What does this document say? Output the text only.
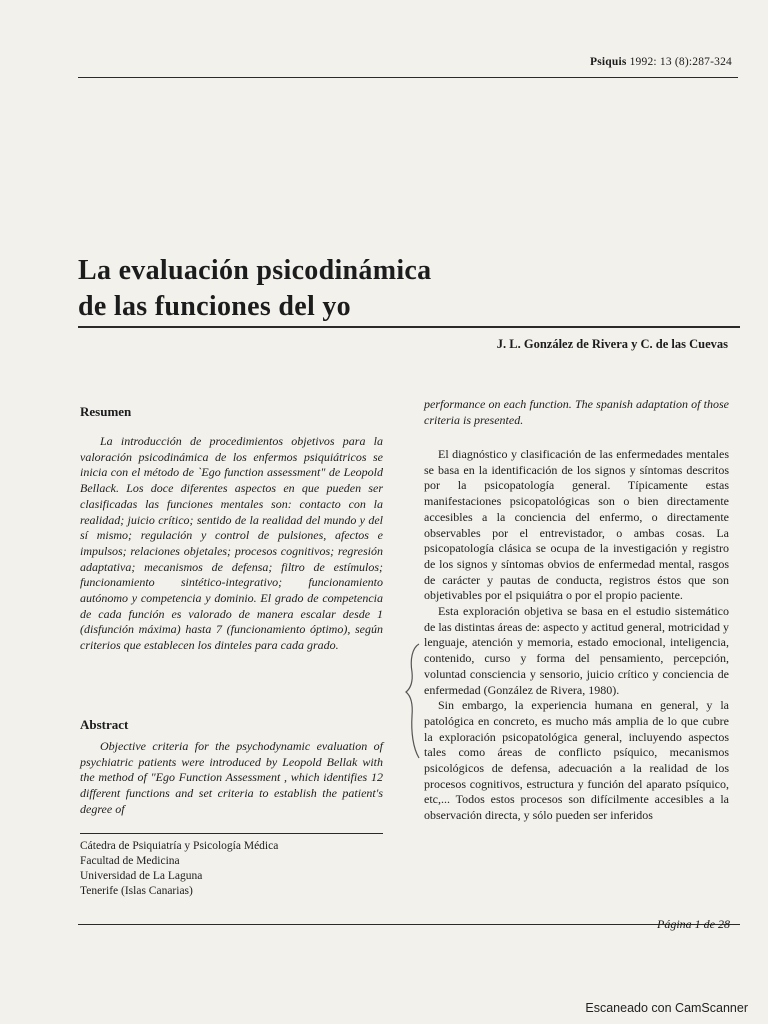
Psiquis 1992: 13 (8):287-324
La evaluación psicodinámica
de las funciones del yo
J. L. González de Rivera y C. de las Cuevas
Resumen

La introducción de procedimientos objetivos para la valoración psicodinámica de los enfermos psiquiátricos se inicia con el método de `Ego function assessment" de Leopold Bellack. Los doce diferentes aspectos en que pueden ser clasificadas las funciones mentales son: contacto con la realidad; juicio crítico; sentido de la realidad del mundo y del sí mismo; regulación y control de pulsiones, afectos e impulsos; relaciones objetales; procesos cognitivos; regresión adaptativa; mecanismos de defensa; filtro de estímulos; funcionamiento sintético-integrativo; funcionamiento autónomo y competencia y dominio. El grado de competencia de cada función es valorado de manera escalar desde 1 (disfunción máxima) hasta 7 (funcionamiento óptimo), según criterios que establecen los dinteles para cada grado.

Abstract

Objective criteria for the psychodynamic evaluation of psychiatric patients were introduced by Leopold Bellak with the method of "Ego Function Assessment , which identifies 12 different functions and set criteria to establish the patient's degree of

Cátedra de Psiquiatría y Psicología Médica
Facultad de Medicina
Universidad de La Laguna
Tenerife (Islas Canarias)

performance on each function. The spanish adaptation of those criteria is presented.

El diagnóstico y clasificación de las enfermedades mentales se basa en la identificación de los signos y síntomas descritos por la psicopatología general. Típicamente estas manifestaciones psicopatológicas son o bien directamente accesibles a la conciencia del enfermo, o directamente observables por el entrevistador, o ambas cosas. La psicopatología clásica se ocupa de la investigación y registro de los signos y síntomas obvios de enfermedad mental, rasgos de carácter y pautas de conducta, registros éstos que son objetivables por el psiquiátra o por el propio paciente.

Esta exploración objetiva se basa en el estudio sistemático de las distintas áreas de: aspecto y actitud general, motricidad y lenguaje, atención y memoria, estado emocional, inteligencia, contenido, curso y forma del pensamiento, percepción, voluntad consciencia y sensorio, juicio crítico y conciencia de enfermedad (González de Rivera, 1980).

Sin embargo, la experiencia humana en general, y la patológica en concreto, es mucho más amplia de lo que cubre la exploración psicopatológica general, incluyendo aspectos tales como áreas de conflicto psíquico, mecanismos psicológicos de defensa, adecuación a la realidad de los procesos cognitivos, estructura y función del aparato psíquico, etc,... Todos estos procesos son difícilmente accesibles a la observación directa, y sólo pueden ser inferidos

Página 1 de 28
Escaneado con CamScanner
